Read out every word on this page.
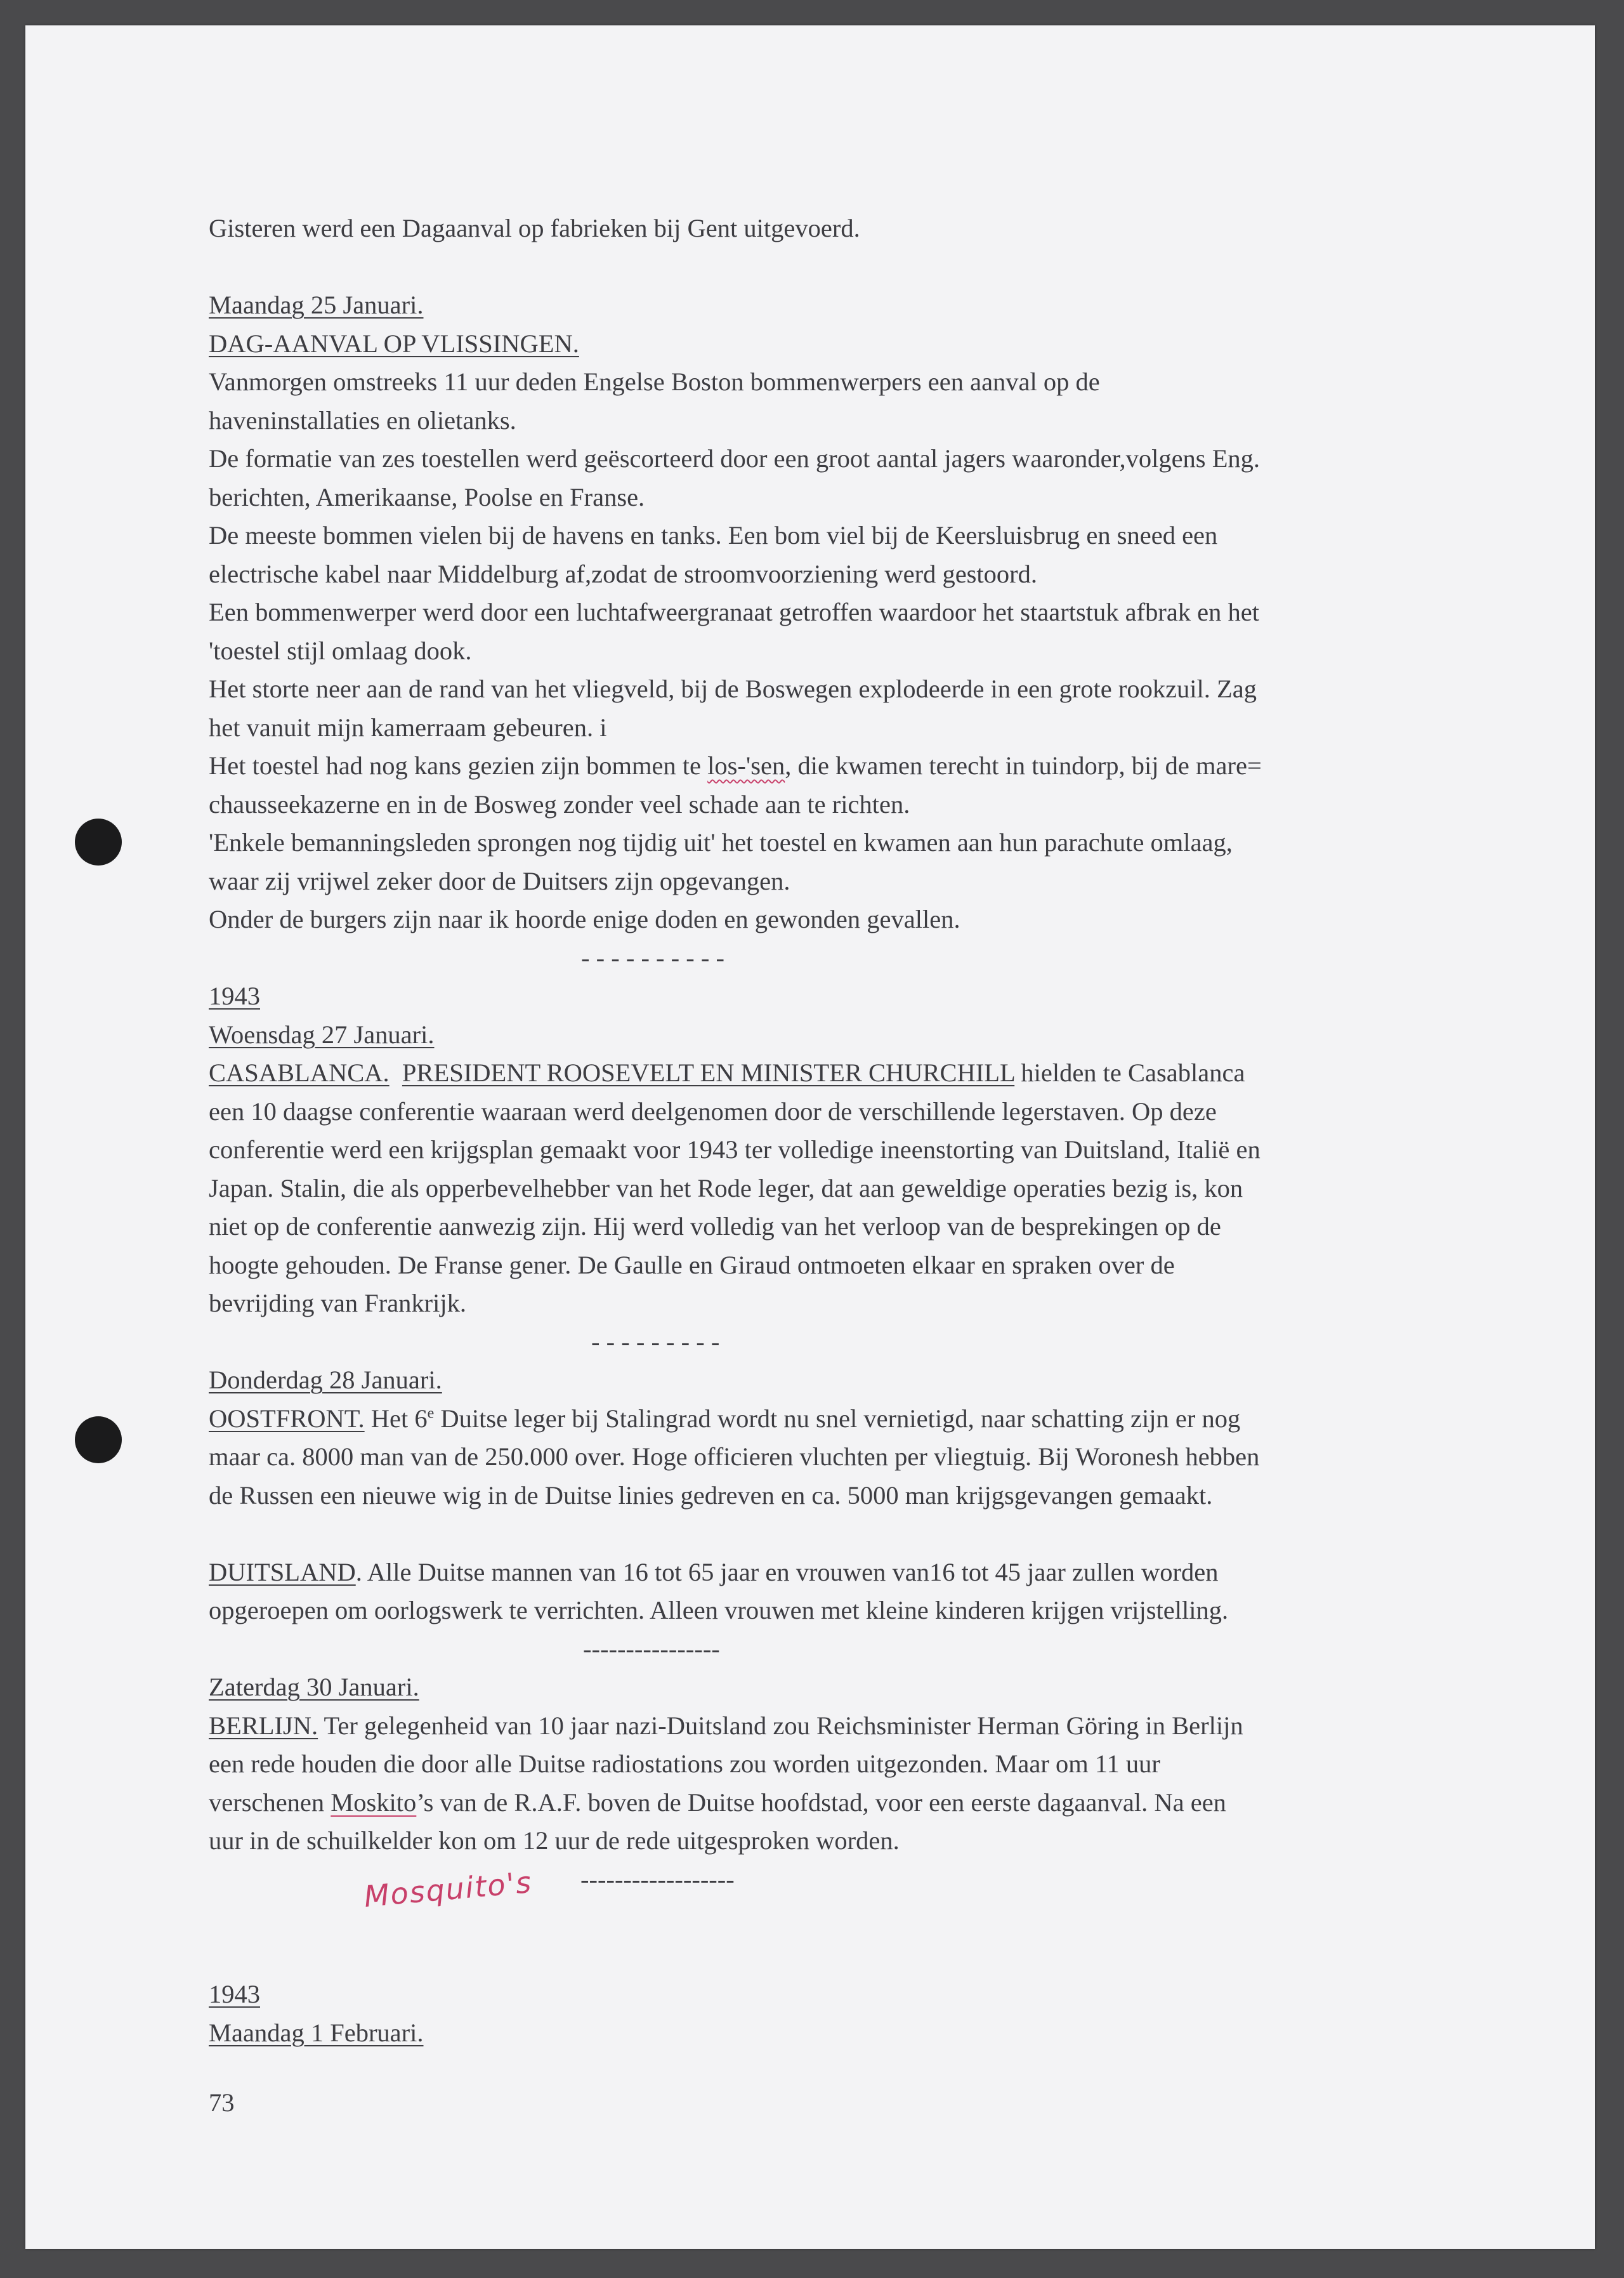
Gisteren werd een Dagaanval op fabrieken bij Gent uitgevoerd.
Maandag 25 Januari.
DAG-AANVAL OP VLISSINGEN.
Vanmorgen omstreeks 11 uur deden Engelse Boston bommenwerpers een aanval op de
haveninstallaties en olietanks.
De formatie van zes toestellen werd geëscorteerd door een groot aantal jagers waaronder,volgens Eng.
berichten, Amerikaanse, Poolse en Franse.
De meeste bommen vielen bij de havens en tanks. Een bom viel bij de Keersluisbrug en sneed een
electrische kabel naar Middelburg af,zodat de stroomvoorziening werd gestoord.
Een bommenwerper werd door een luchtafweergranaat getroffen waardoor het staartstuk afbrak en het
'toestel stijl omlaag dook.
Het storte neer aan de rand van het vliegveld, bij de Boswegen explodeerde in een grote rookzuil. Zag
het vanuit mijn kamerraam gebeuren. i
Het toestel had nog kans gezien zijn bommen te los-'sen, die kwamen terecht in tuindorp, bij de mare=
chausseekazerne en in de Bosweg zonder veel schade aan te richten.
'Enkele bemanningsleden sprongen nog tijdig uit' het toestel en kwamen aan hun parachute omlaag,
waar zij vrijwel zeker door de Duitsers zijn opgevangen.
Onder de burgers zijn naar ik hoorde enige doden en gewonden gevallen.
- - - - - - - - - -
1943
Woensdag 27 Januari.
CASABLANCA. PRESIDENT ROOSEVELT EN MINISTER CHURCHILL hielden te Casablanca
een 10 daagse conferentie waaraan werd deelgenomen door de verschillende legerstaven. Op deze
conferentie werd een krijgsplan gemaakt voor 1943 ter volledige ineenstorting van Duitsland, Italië en
Japan. Stalin, die als opperbevelhebber van het Rode leger, dat aan geweldige operaties bezig is, kon
niet op de conferentie aanwezig zijn. Hij werd volledig van het verloop van de besprekingen op de
hoogte gehouden. De Franse gener. De Gaulle en Giraud ontmoeten elkaar en spraken over de
bevrijding van Frankrijk.
- - - - - - - - -
Donderdag 28 Januari.
OOSTFRONT. Het 6e Duitse leger bij Stalingrad wordt nu snel vernietigd, naar schatting zijn er nog
maar ca. 8000 man van de 250.000 over. Hoge officieren vluchten per vliegtuig. Bij Woronesh hebben
de Russen een nieuwe wig in de Duitse linies gedreven en ca. 5000 man krijgsgevangen gemaakt.
DUITSLAND. Alle Duitse mannen van 16 tot 65 jaar en vrouwen van16 tot 45 jaar zullen worden
opgeroepen om oorlogswerk te verrichten. Alleen vrouwen met kleine kinderen krijgen vrijstelling.
----------------
Zaterdag 30 Januari.
BERLIJN. Ter gelegenheid van 10 jaar nazi-Duitsland zou Reichsminister Herman Göring in Berlijn
een rede houden die door alle Duitse radiostations zou worden uitgezonden. Maar om 11 uur
verschenen Moskito’s van de R.A.F. boven de Duitse hoofdstad, voor een eerste dagaanval. Na een
uur in de schuilkelder kon om 12 uur de rede uitgesproken worden.
------------------
1943
Maandag 1 Februari.
Mosquito's
73
